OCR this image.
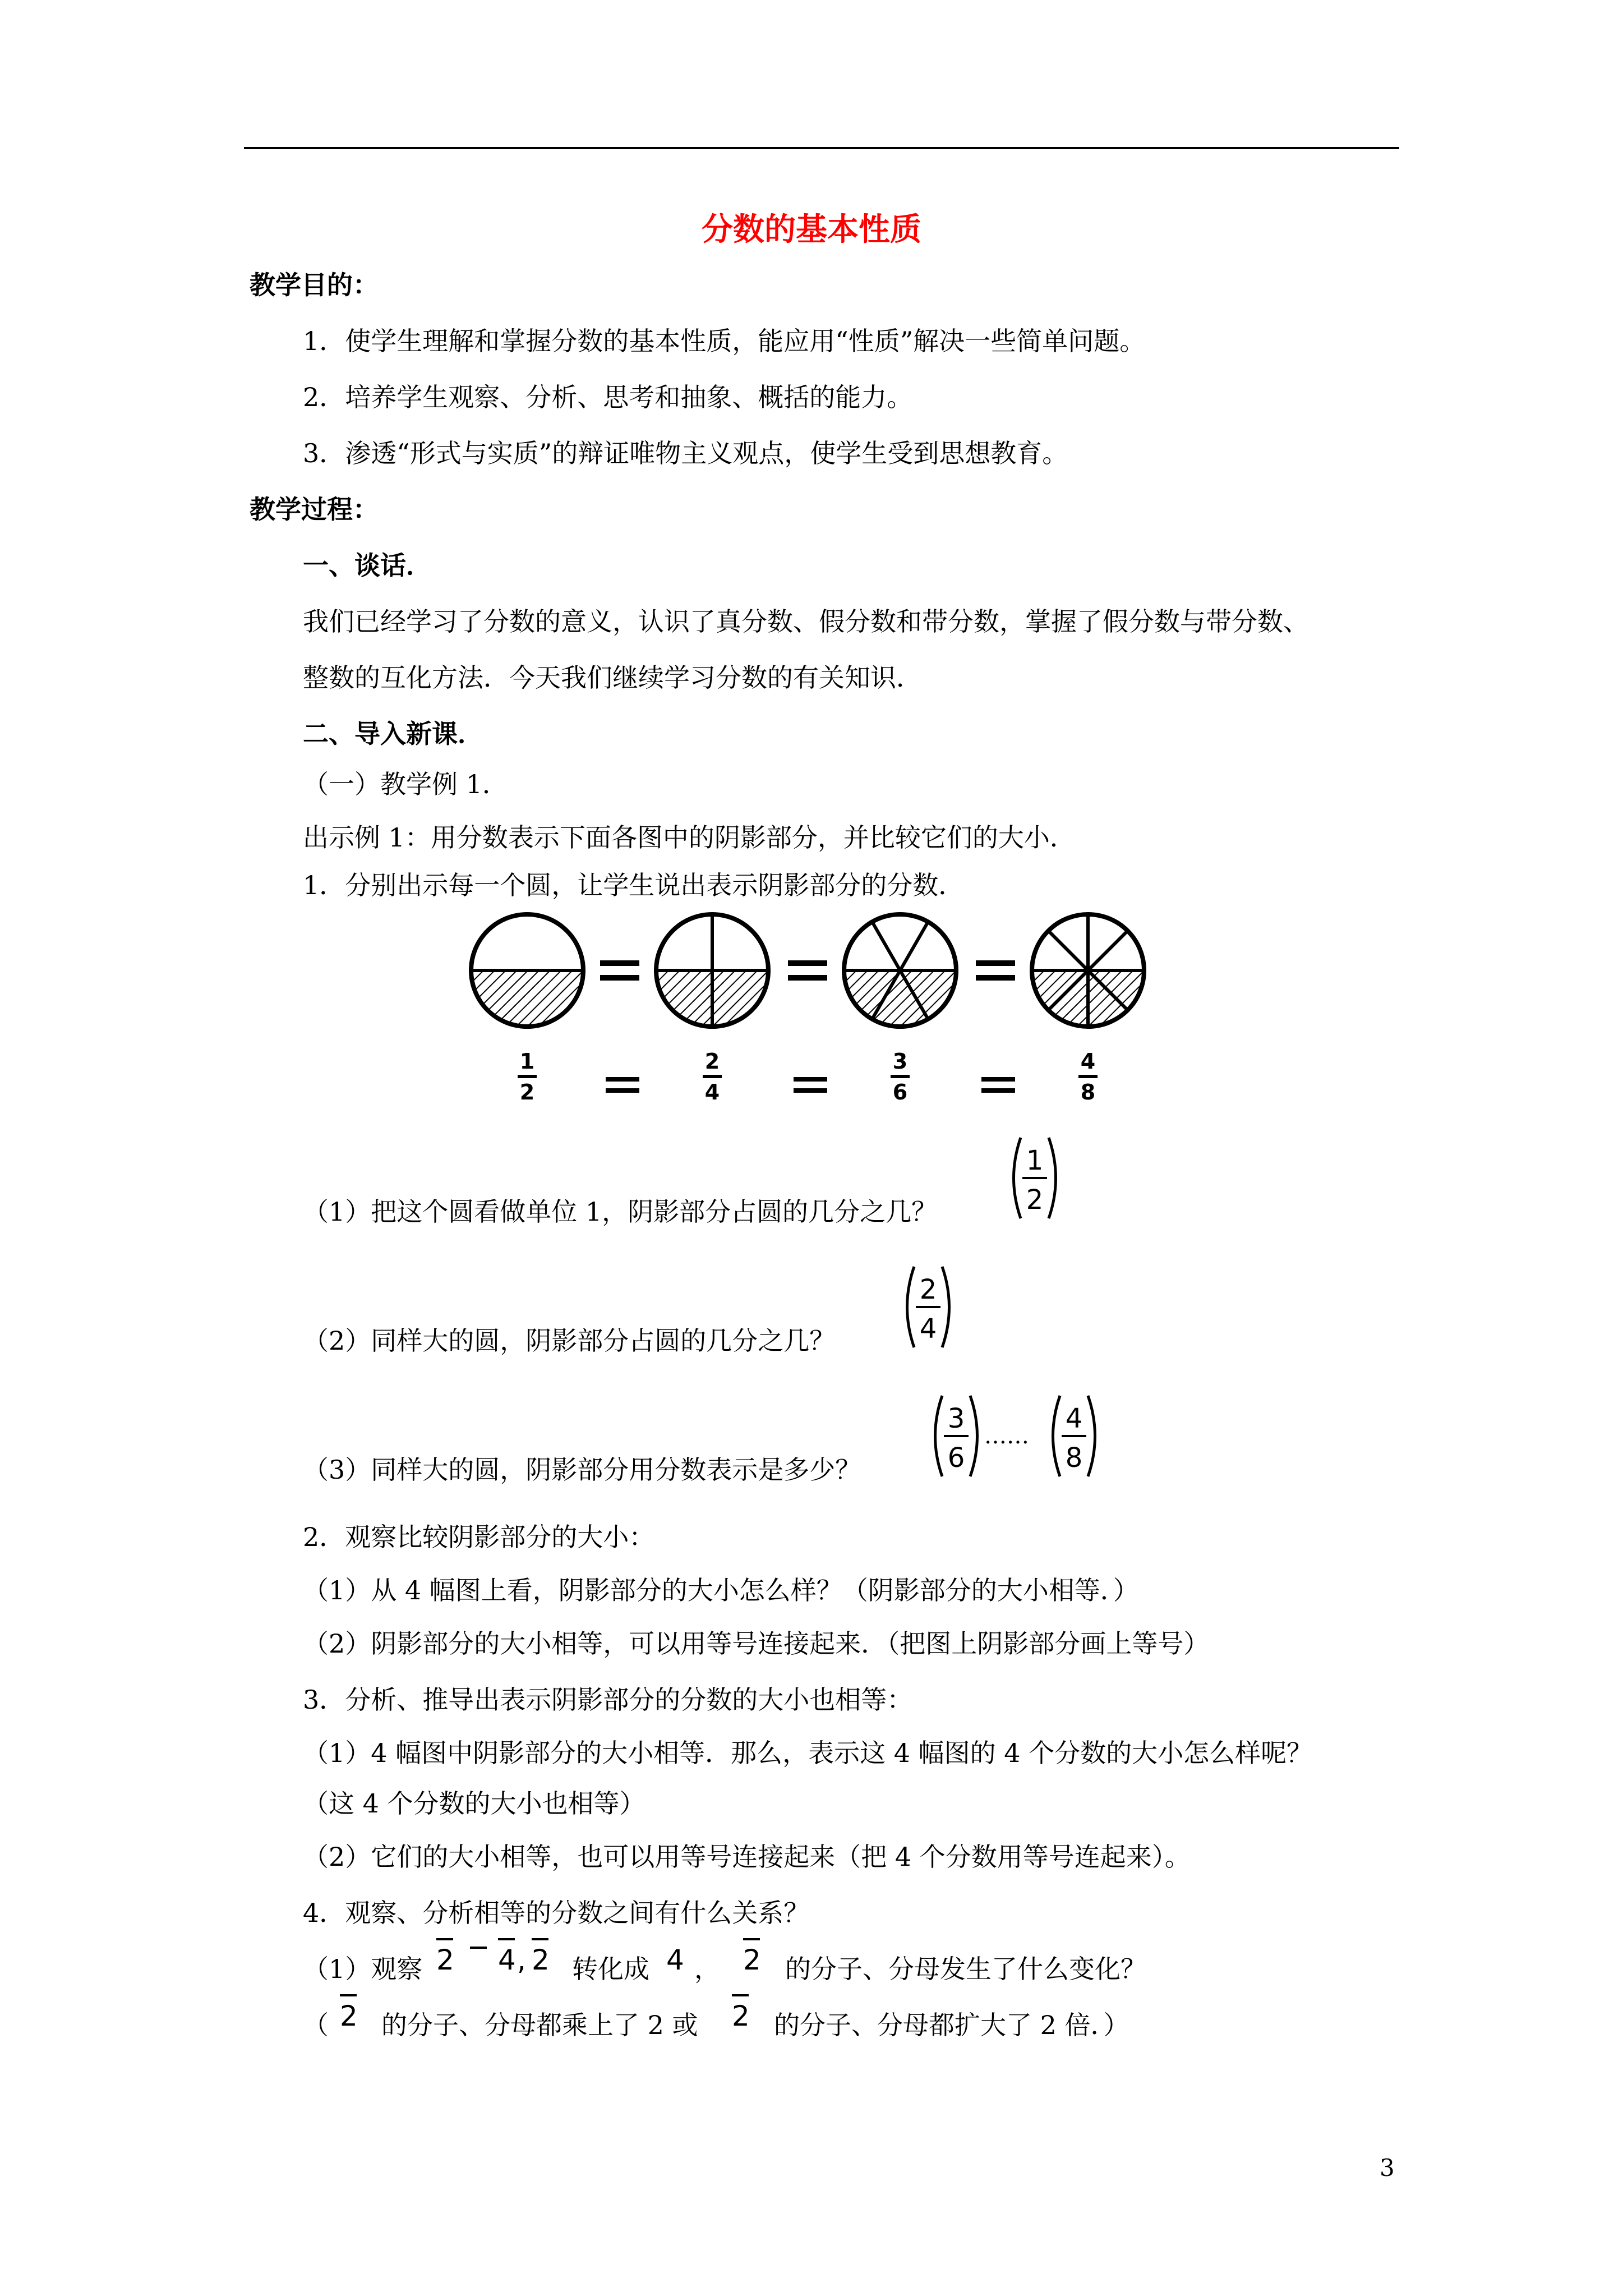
分数的基本性质
教学目的：
1．使学生理解和掌握分数的基本性质，能应用“性质”解决一些简单问题。
2．培养学生观察、分析、思考和抽象、概括的能力。
3．渗透“形式与实质”的辩证唯物主义观点，使学生受到思想教育。
教学过程：
一、谈话．
我们已经学习了分数的意义，认识了真分数、假分数和带分数，掌握了假分数与带分数、
整数的互化方法．今天我们继续学习分数的有关知识．
二、导入新课．
（一）教学例 1．
出示例 1：用分数表示下面各图中的阴影部分，并比较它们的大小．
1．分别出示每一个圆，让学生说出表示阴影部分的分数．
1
2
2
4
3
6
4
8
（1）把这个圆看做单位 1，阴影部分占圆的几分之几？
1
2
（2）同样大的圆，阴影部分占圆的几分之几？
2
4
（3）同样大的圆，阴影部分用分数表示是多少？
3
6
……
4
8
2．观察比较阴影部分的大小：
（1）从 4 幅图上看，阴影部分的大小怎么样？（阴影部分的大小相等．）
（2）阴影部分的大小相等，可以用等号连接起来．（把图上阴影部分画上等号）
3．分析、推导出表示阴影部分的分数的大小也相等：
（1）4 幅图中阴影部分的大小相等．那么，表示这 4 幅图的 4 个分数的大小怎么样呢？
（这 4 个分数的大小也相等）
（2）它们的大小相等，也可以用等号连接起来（把 4 个分数用等号连起来）。
4．观察、分析相等的分数之间有什么关系？
（1）观察 2 4 , 2 转化成 4 ， 2 的分子、分母发生了什么变化？
（ 2 的分子、分母都乘上了 2 或 2 的分子、分母都扩大了 2 倍．）
3
